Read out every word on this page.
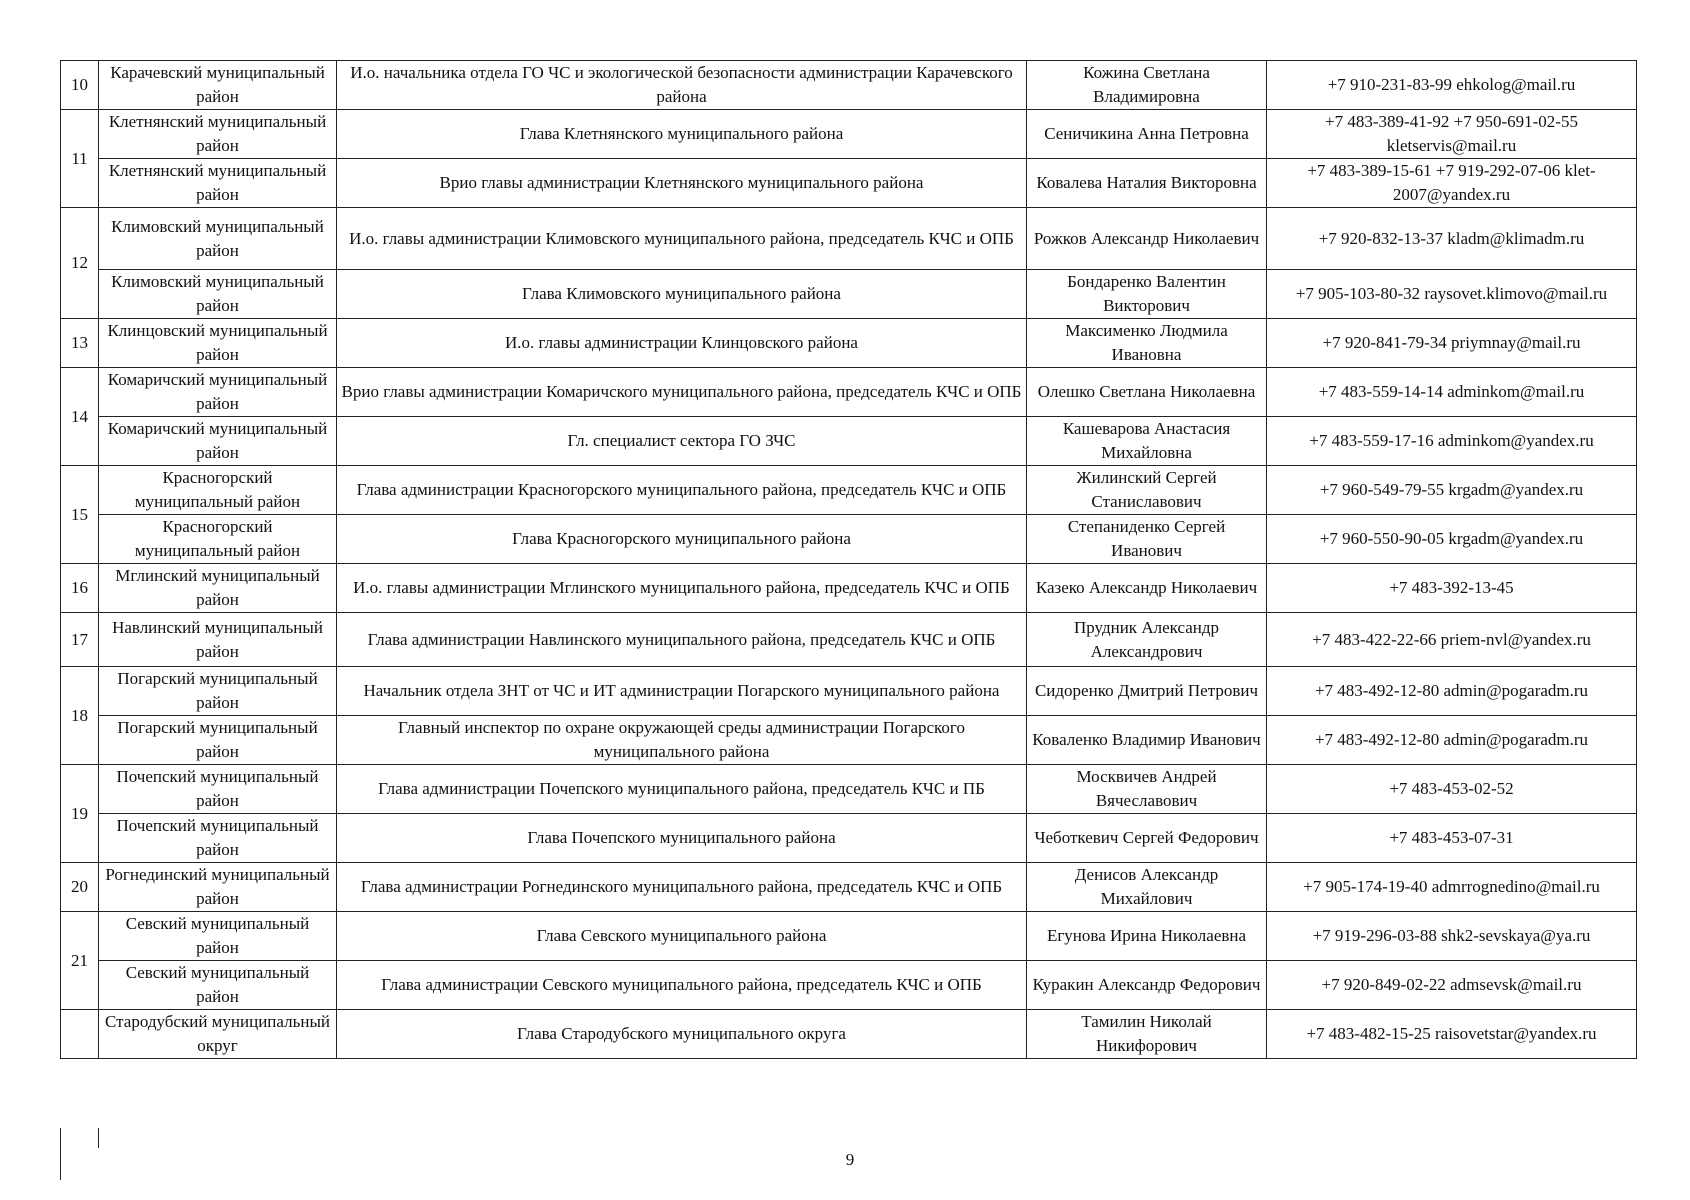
10	Карачевский муниципальный район	И.о. начальника отдела ГО ЧС и экологической безопасности администрации Карачевского района	Кожина Светлана Владимировна	+7 910-231-83-99 ehkolog@mail.ru
11	Клетнянский муниципальный район	Глава Клетнянского муниципального района	Сеничикина Анна Петровна	+7 483-389-41-92 +7 950-691-02-55 kletservis@mail.ru
	Клетнянский муниципальный район	Врио главы администрации Клетнянского муниципального района	Ковалева Наталия Викторовна	+7 483-389-15-61 +7 919-292-07-06 klet-2007@yandex.ru
12	Климовский муниципальный район	И.о. главы администрации Климовского муниципального района, председатель КЧС и ОПБ	Рожков Александр Николаевич	+7 920-832-13-37 kladm@klimadm.ru
	Климовский муниципальный район	Глава Климовского муниципального района	Бондаренко Валентин Викторович	+7 905-103-80-32 raysovet.klimovo@mail.ru
13	Клинцовский муниципальный район	И.о. главы администрации Клинцовского района	Максименко Людмила Ивановна	+7 920-841-79-34 priymnay@mail.ru
14	Комаричский муниципальный район	Врио главы администрации Комаричского муниципального района, председатель КЧС и ОПБ	Олешко Светлана Николаевна	+7 483-559-14-14 adminkom@mail.ru
	Комаричский муниципальный район	Гл. специалист сектора ГО ЗЧС	Кашеварова Анастасия Михайловна	+7 483-559-17-16 adminkom@yandex.ru
15	Красногорский муниципальный район	Глава администрации Красногорского муниципального района, председатель КЧС и ОПБ	Жилинский Сергей Станиславович	+7 960-549-79-55 krgadm@yandex.ru
	Красногорский муниципальный район	Глава Красногорского муниципального района	Степаниденко Сергей Иванович	+7 960-550-90-05 krgadm@yandex.ru
16	Мглинский муниципальный район	И.о. главы администрации Мглинского муниципального района, председатель КЧС и ОПБ	Казеко Александр Николаевич	+7 483-392-13-45
17	Навлинский муниципальный район	Глава администрации Навлинского муниципального района, председатель КЧС и ОПБ	Прудник Александр Александрович	+7 483-422-22-66 priem-nvl@yandex.ru
18	Погарский муниципальный район	Начальник отдела ЗНТ от ЧС и ИТ администрации Погарского муниципального района	Сидоренко Дмитрий Петрович	+7 483-492-12-80 admin@pogaradm.ru
	Погарский муниципальный район	Главный инспектор по охране окружающей среды администрации Погарского муниципального района	Коваленко Владимир Иванович	+7 483-492-12-80 admin@pogaradm.ru
19	Почепский муниципальный район	Глава администрации Почепского муниципального района, председатель КЧС и ПБ	Москвичев Андрей Вячеславович	+7 483-453-02-52
	Почепский муниципальный район	Глава Почепского муниципального района	Чеботкевич Сергей Федорович	+7 483-453-07-31
20	Рогнединский муниципальный район	Глава администрации Рогнединского муниципального района, председатель КЧС и ОПБ	Денисов Александр Михайлович	+7 905-174-19-40 admrrognedino@mail.ru
21	Севский муниципальный район	Глава Севского муниципального района	Егунова Ирина Николаевна	+7 919-296-03-88 shk2-sevskaya@ya.ru
	Севский муниципальный район	Глава администрации Севского муниципального района, председатель КЧС и ОПБ	Куракин Александр Федорович	+7 920-849-02-22 admsevsk@mail.ru
	Стародубский муниципальный округ	Глава Стародубского муниципального округа	Тамилин Николай Никифорович	+7 483-482-15-25 raisovetstar@yandex.ru
9
